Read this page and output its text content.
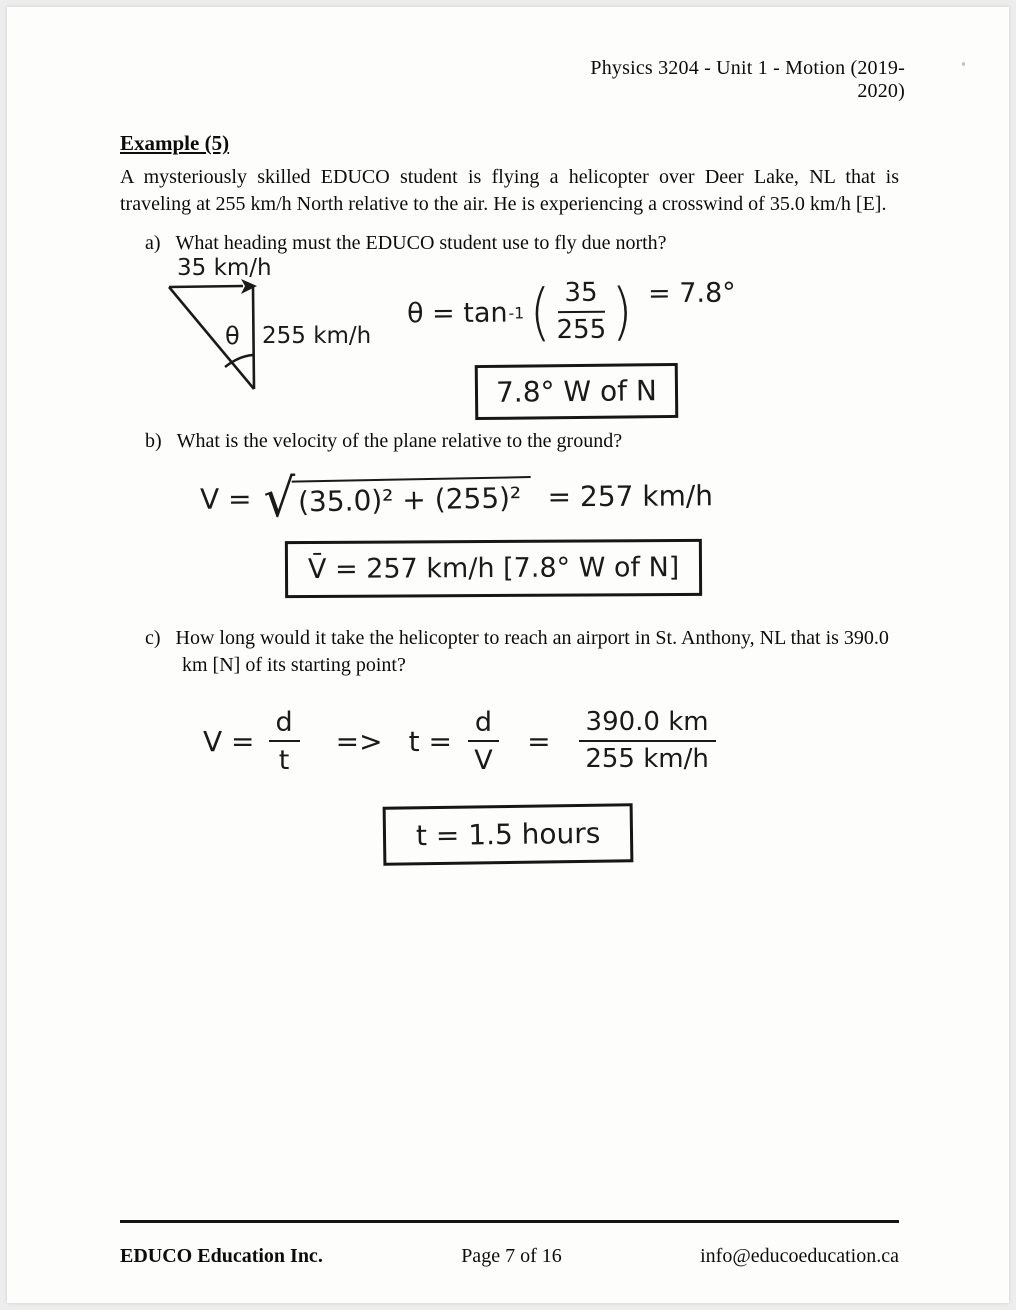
Physics 3204 - Unit 1 - Motion (2019-2020)
Example (5)
A mysteriously skilled EDUCO student is flying a helicopter over Deer Lake, NL that is traveling at 255 km/h North relative to the air. He is experiencing a crosswind of 35.0 km/h [E].
a) What heading must the EDUCO student use to fly due north?
35 km/h
θ 255 km/h
θ = tan -1 ( $\frac{35}{255}$ ) = 7.8°
7.8° W of N
b) What is the velocity of the plane relative to the ground?
V = √ (35.0)² + (255)² = 257 km/h
V̄ = 257 km/h [7.8° W of N]
c) How long would it take the helicopter to reach an airport in St. Anthony, NL that is 390.0
km [N] of its starting point?
$V = \frac{d}{t} => t = \frac{d}{V} = \frac{390.0 km}{255 km/h}$
t = 1.5 hours
EDUCO Education Inc.	Page 7 of 16	info@educoeducation.ca
